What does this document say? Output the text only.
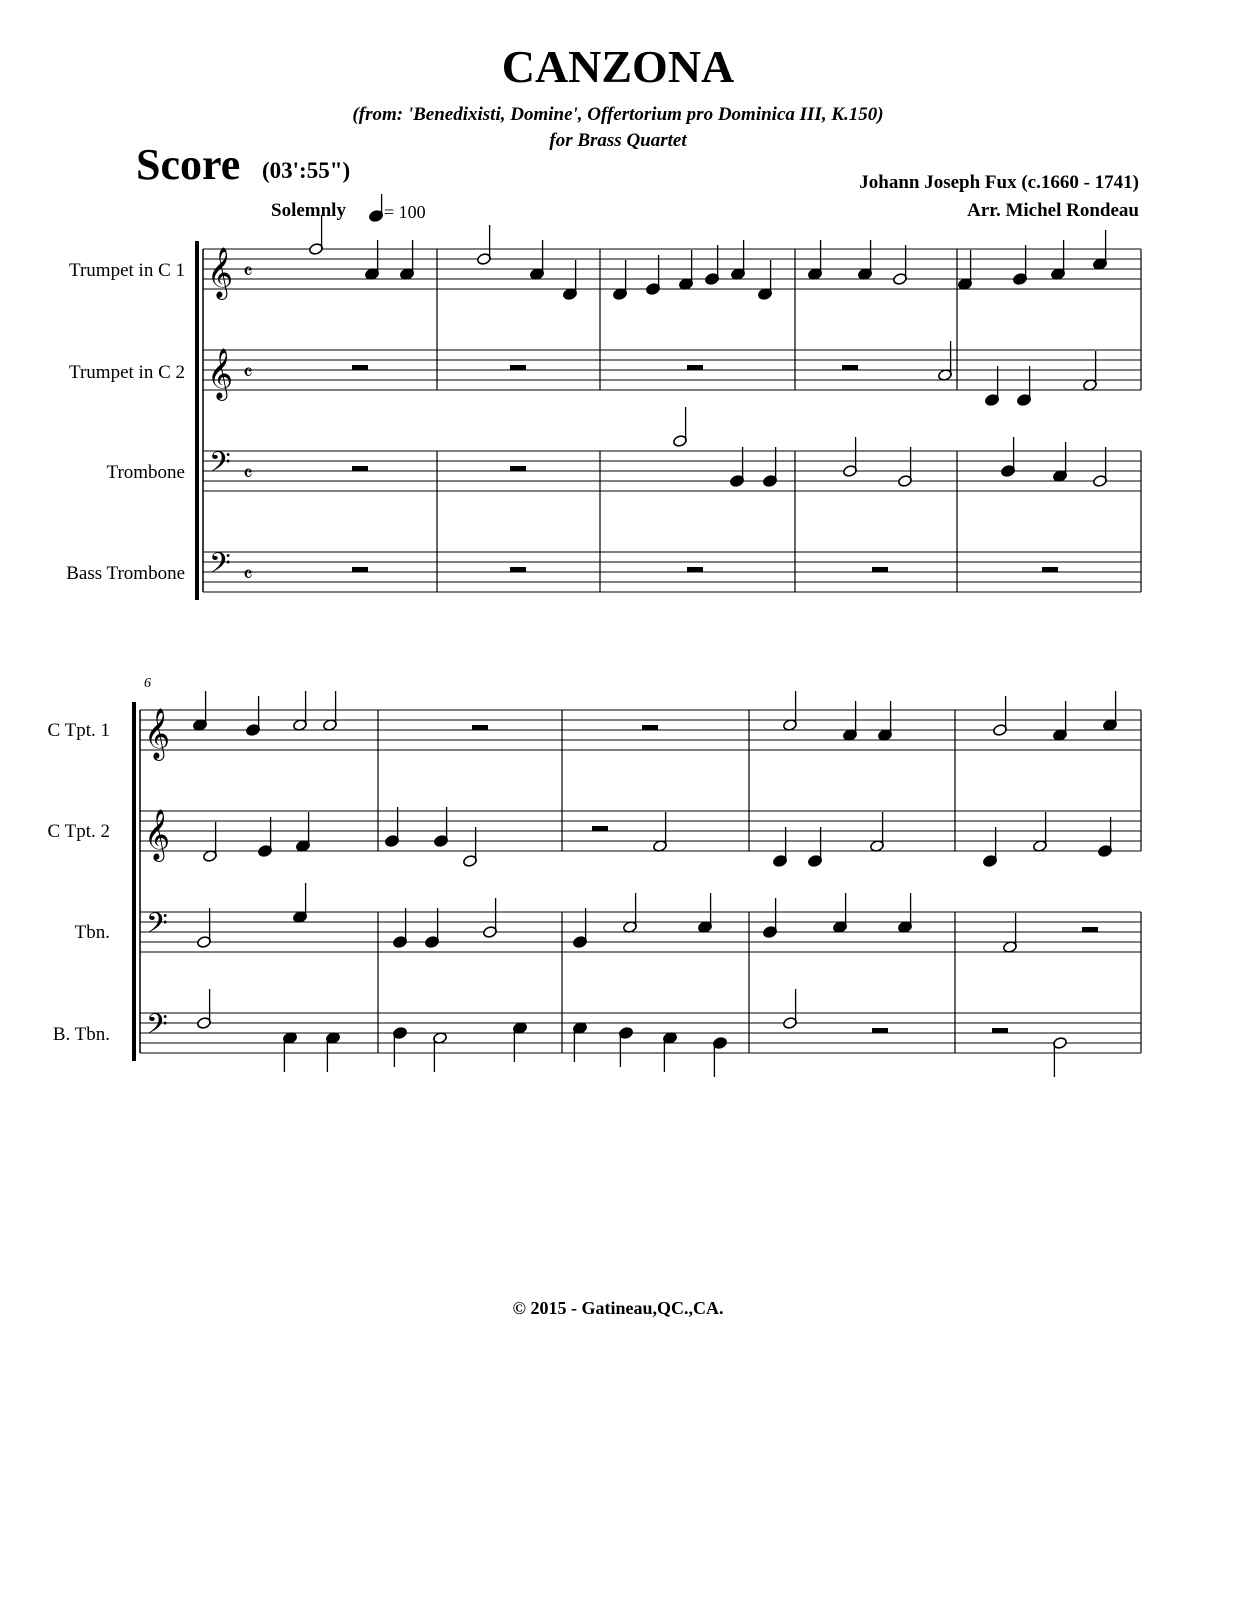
CANZONA
(from: 'Benedixisti, Domine', Offertorium pro Dominica III, K.150)
for Brass Quartet
Score (03':55")	Johann Joseph Fux (c.1660 - 1741)
Arr. Michel Rondeau
Solemnly = 100
Trumpet in C 1
Trumpet in C 2
Trombone
Bass Trombone
C Tpt. 1
C Tpt. 2
Tbn.
B. Tbn.
6
© 2015 - Gatineau,QC.,CA.
𝄞 𝄴
𝄞 𝄴
𝄢 𝄴
𝄢 𝄴
𝄞
𝄞
𝄢
𝄢
